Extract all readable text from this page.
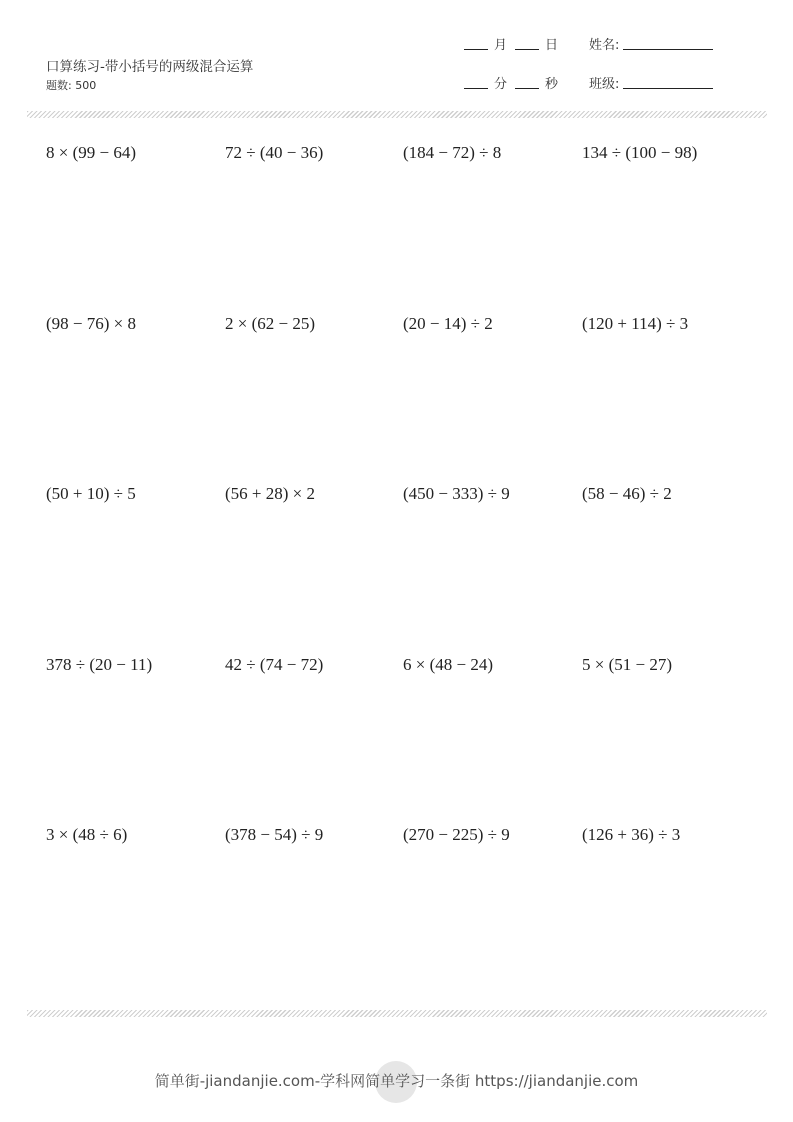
口算练习-带小括号的两级混合运算
题数: 500
月	日
分	秒
姓名:
班级:
8 × (99 − 64)	72 ÷ (40 − 36)	(184 − 72) ÷ 8	134 ÷ (100 − 98)
(98 − 76) × 8	2 × (62 − 25)	(20 − 14) ÷ 2	(120 + 114) ÷ 3
(50 + 10) ÷ 5	(56 + 28) × 2	(450 − 333) ÷ 9	(58 − 46) ÷ 2
378 ÷ (20 − 11)	42 ÷ (74 − 72)	6 × (48 − 24)	5 × (51 − 27)
3 × (48 ÷ 6)	(378 − 54) ÷ 9	(270 − 225) ÷ 9	(126 + 36) ÷ 3
简单街-jiandanjie.com-学科网简单学习一条街 https://jiandanjie.com
